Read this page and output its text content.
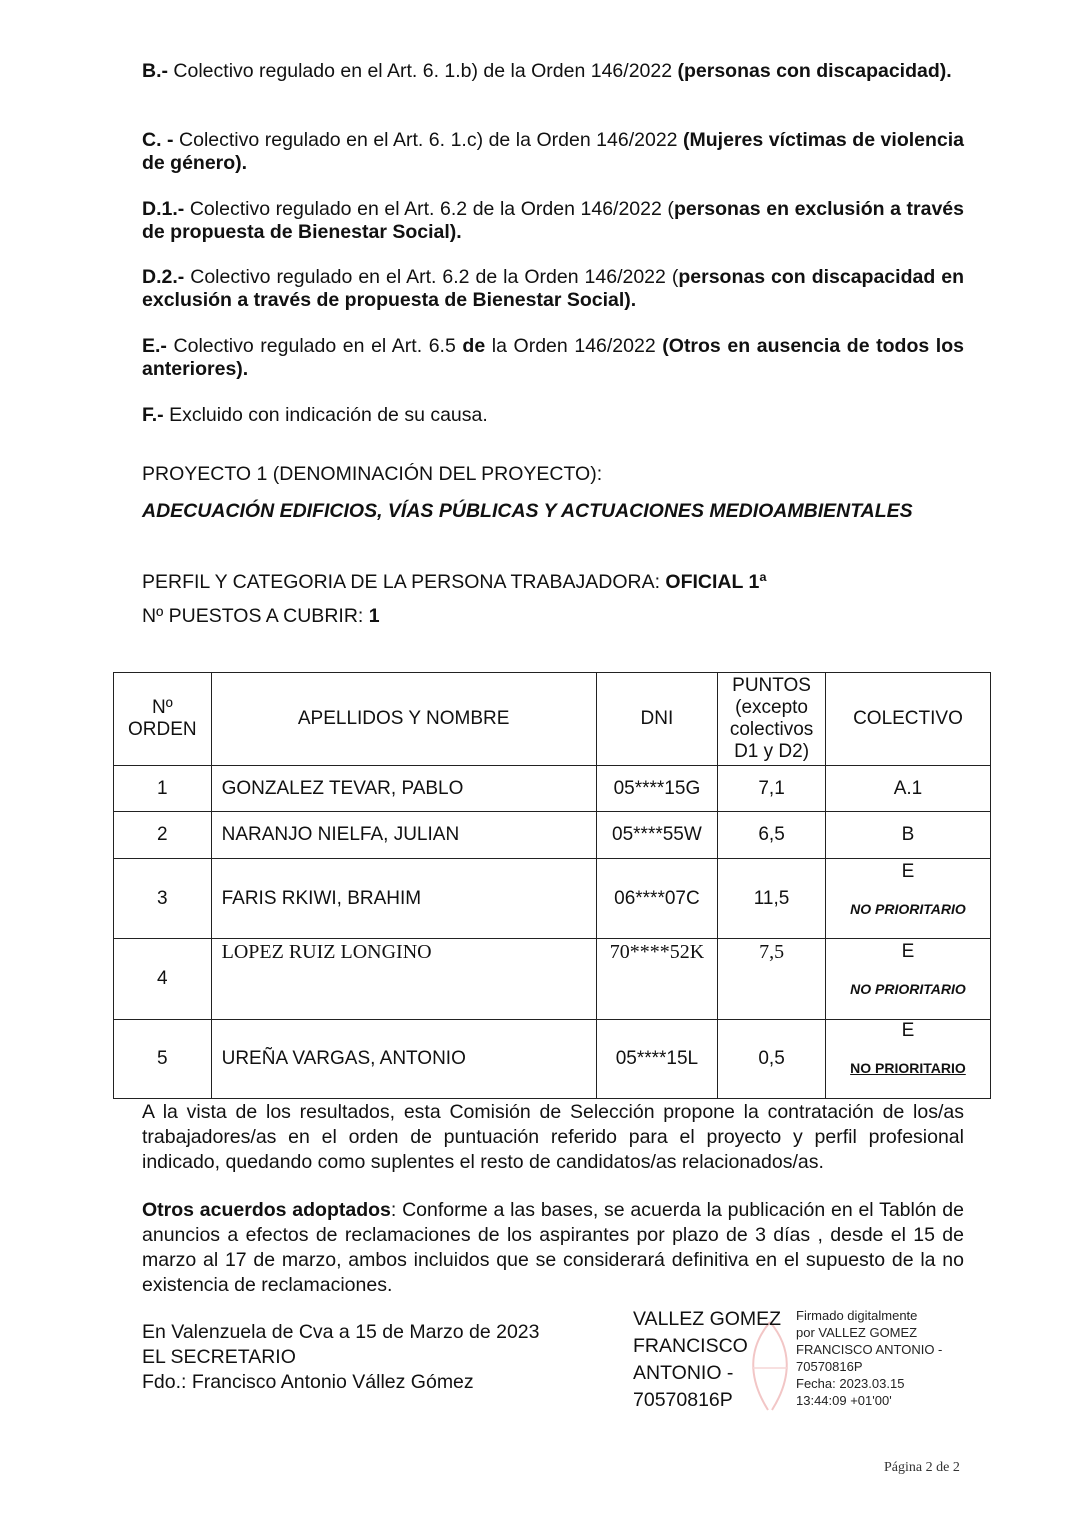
B.- Colectivo regulado en el Art. 6. 1.b) de la Orden 146/2022 (personas con discapacidad).
C. - Colectivo regulado en el Art. 6. 1.c) de la Orden 146/2022 (Mujeres víctimas de violencia de género).
D.1.- Colectivo regulado en el Art. 6.2 de la Orden 146/2022 (personas en exclusión a través de propuesta de Bienestar Social).
D.2.- Colectivo regulado en el Art. 6.2 de la Orden 146/2022 (personas con discapacidad en exclusión a través de propuesta de Bienestar Social).
E.- Colectivo regulado en el Art. 6.5 de la Orden 146/2022 (Otros en ausencia de todos los anteriores).
F.- Excluido con indicación de su causa.
PROYECTO 1 (DENOMINACIÓN DEL PROYECTO):
ADECUACIÓN EDIFICIOS, VÍAS PÚBLICAS Y ACTUACIONES MEDIOAMBIENTALES
PERFIL Y CATEGORIA DE LA PERSONA TRABAJADORA: OFICIAL 1ª
Nº PUESTOS A CUBRIR: 1
Nº ORDEN	APELLIDOS Y NOMBRE	DNI	PUNTOS (excepto colectivos D1 y D2)	COLECTIVO
1	GONZALEZ TEVAR, PABLO	05****15G	7,1	A.1
2	NARANJO NIELFA, JULIAN	05****55W	6,5	B
3	FARIS RKIWI, BRAHIM	06****07C	11,5	E
NO PRIORITARIO

4	LOPEZ RUIZ LONGINO	70****52K	7,5	E
NO PRIORITARIO

5	UREÑA VARGAS, ANTONIO	05****15L	0,5	E
NO PRIORITARIO
A la vista de los resultados, esta Comisión de Selección propone la contratación de los/as trabajadores/as en el orden de puntuación referido para el proyecto y perfil profesional indicado, quedando como suplentes el resto de candidatos/as relacionados/as.
Otros acuerdos adoptados: Conforme a las bases, se acuerda la publicación en el Tablón de anuncios a efectos de reclamaciones de los aspirantes por plazo de 3 días , desde el 15 de marzo al 17 de marzo, ambos incluidos que se considerará definitiva en el supuesto de la no existencia de reclamaciones.
En Valenzuela de Cva a 15 de Marzo de 2023
EL SECRETARIO
Fdo.: Francisco Antonio Vállez Gómez
VALLEZ GOMEZ
FRANCISCO
ANTONIO -
70570816P
Firmado digitalmente
por VALLEZ GOMEZ
FRANCISCO ANTONIO -
70570816P
Fecha: 2023.03.15
13:44:09 +01'00'
Página 2 de 2
